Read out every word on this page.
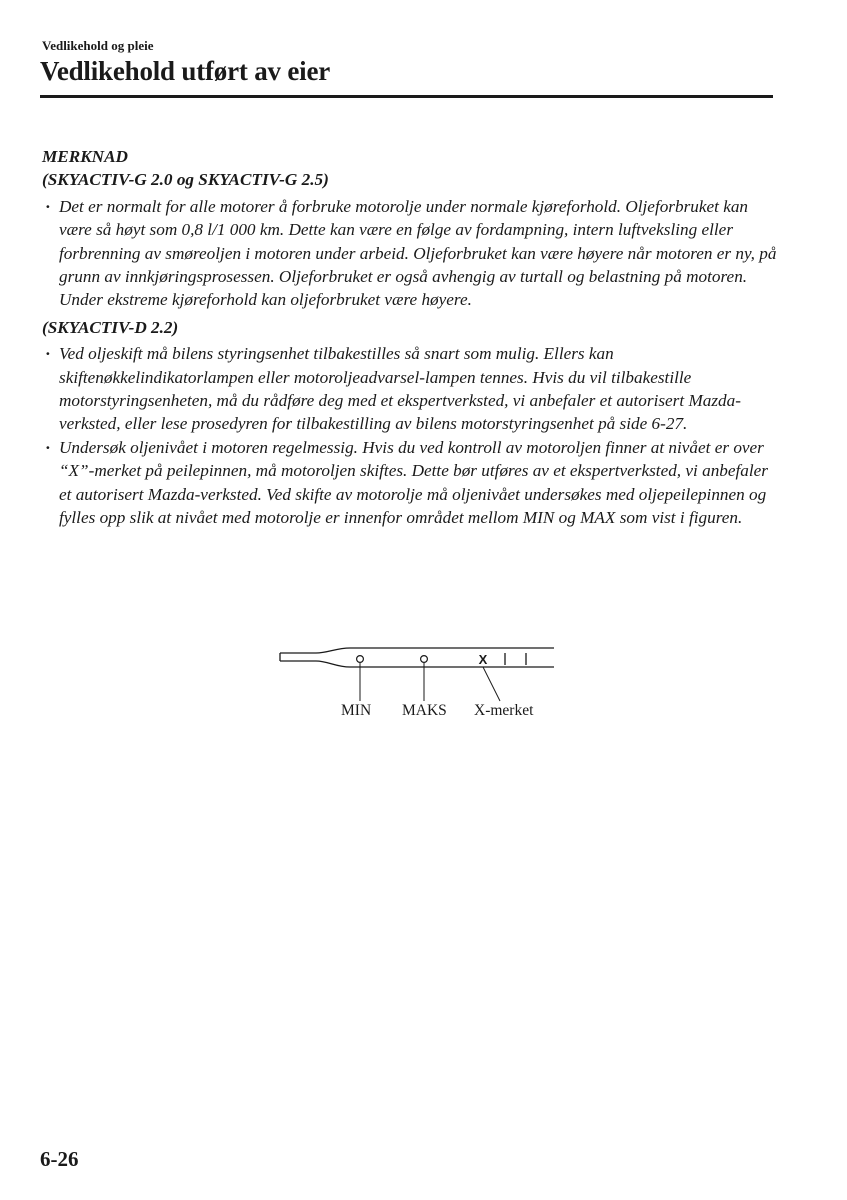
Vedlikehold og pleie
Vedlikehold utført av eier
MERKNAD
(SKYACTIV-G 2.0 og SKYACTIV-G 2.5)
· Det er normalt for alle motorer å forbruke motorolje under normale kjøreforhold. Oljeforbruket kan være så høyt som 0,8 l/1 000 km. Dette kan være en følge av fordampning, intern luftveksling eller forbrenning av smøreoljen i motoren under arbeid. Oljeforbruket kan være høyere når motoren er ny, på grunn av innkjøringsprosessen. Oljeforbruket er også avhengig av turtall og belastning på motoren. Under ekstreme kjøreforhold kan oljeforbruket være høyere.
(SKYACTIV-D 2.2)
· Ved oljeskift må bilens styringsenhet tilbakestilles så snart som mulig. Ellers kan skiftenøkkelindikatorlampen eller motoroljeadvarsel-lampen tennes. Hvis du vil tilbakestille motorstyringsenheten, må du rådføre deg med et ekspertverksted, vi anbefaler et autorisert Mazda-verksted, eller lese prosedyren for tilbakestilling av bilens motorstyringsenhet på side 6-27.
· Undersøk oljenivået i motoren regelmessig. Hvis du ved kontroll av motoroljen finner at nivået er over “X”-merket på peilepinnen, må motoroljen skiftes. Dette bør utføres av et ekspertverksted, vi anbefaler et autorisert Mazda-verksted. Ved skifte av motorolje må oljenivået undersøkes med oljepeilepinnen og fylles opp slik at nivået med motorolje er innenfor området mellom MIN og MAX som vist i figuren.
X
MIN MAKS X-merket
6-26
